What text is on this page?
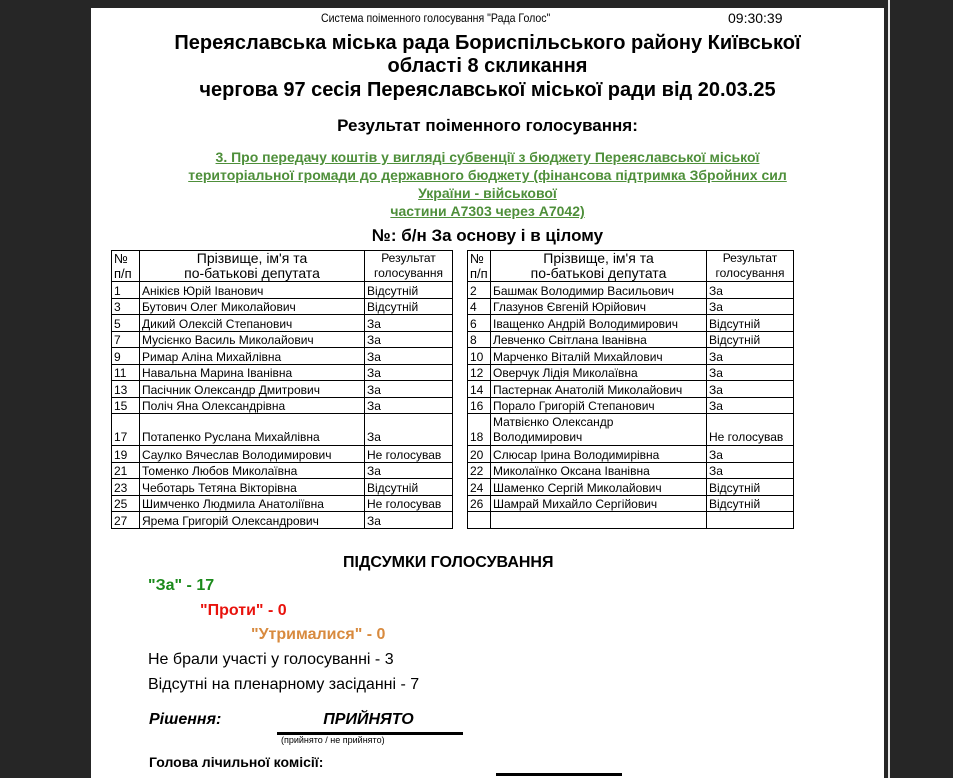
Система поіменного голосування "Рада Голос"	09:30:39
Переяславська міська рада Бориспільського району Київської
області 8 скликання
чергова 97 сесія Переяславської міської ради від 20.03.25
Результат поіменного голосування:
3. Про передачу коштів у вигляді субвенції з бюджету Переяславської міської
територіальної громади до державного бюджету (фінансова підтримка Збройних сил
України - військової
частини А7303 через А7042)
№: б/н За основу і в цілому
№
п/п	Прізвище, ім'я та
по-батькові депутата	Результат
голосування
1	Анікієв Юрій Іванович	Відсутній
3	Бутович Олег Миколайович	Відсутній
5	Дикий Олексій Степанович	За
7	Мусієнко Василь Миколайович	За
9	Римар Аліна Михайлівна	За
11	Навальна Марина Іванівна	За
13	Пасічник Олександр Дмитрович	За
15	Поліч Яна Олександрівна	За
17	Потапенко Руслана Михайлівна	За
19	Саулко Вячеслав Володимирович	Не голосував
21	Томенко Любов Миколаївна	За
23	Чеботарь Тетяна Вікторівна	Відсутній
25	Шимченко Людмила Анатоліївна	Не голосував
27	Ярема Григорій Олександрович	За
№
п/п	Прізвище, ім'я та
по-батькові депутата	Результат
голосування
2	Башмак Володимир Васильович	За
4	Глазунов Євгеній Юрійович	За
6	Іващенко Андрій Володимирович	Відсутній
8	Левченко Світлана Іванівна	Відсутній
10	Марченко Віталій Михайлович	За
12	Оверчук Лідія Миколаївна	За
14	Пастернак Анатолій Миколайович	За
16	Порало Григорій Степанович	За
18	Матвієнко Олександр
Володимирович	Не голосував
20	Слюсар Ірина Володимирівна	За
22	Миколаїнко Оксана Іванівна	За
24	Шаменко Сергій Миколайович	Відсутній
26	Шамрай Михайло Сергійович	Відсутній

ПІДСУМКИ ГОЛОСУВАННЯ
"За" - 17
"Проти" - 0
"Утрималися" - 0
Не брали участі у голосуванні - 3
Відсутні на пленарному засіданні - 7
Рішення:	ПРИЙНЯТО
(прийнято / не прийнято)
Голова лічильної комісії:
